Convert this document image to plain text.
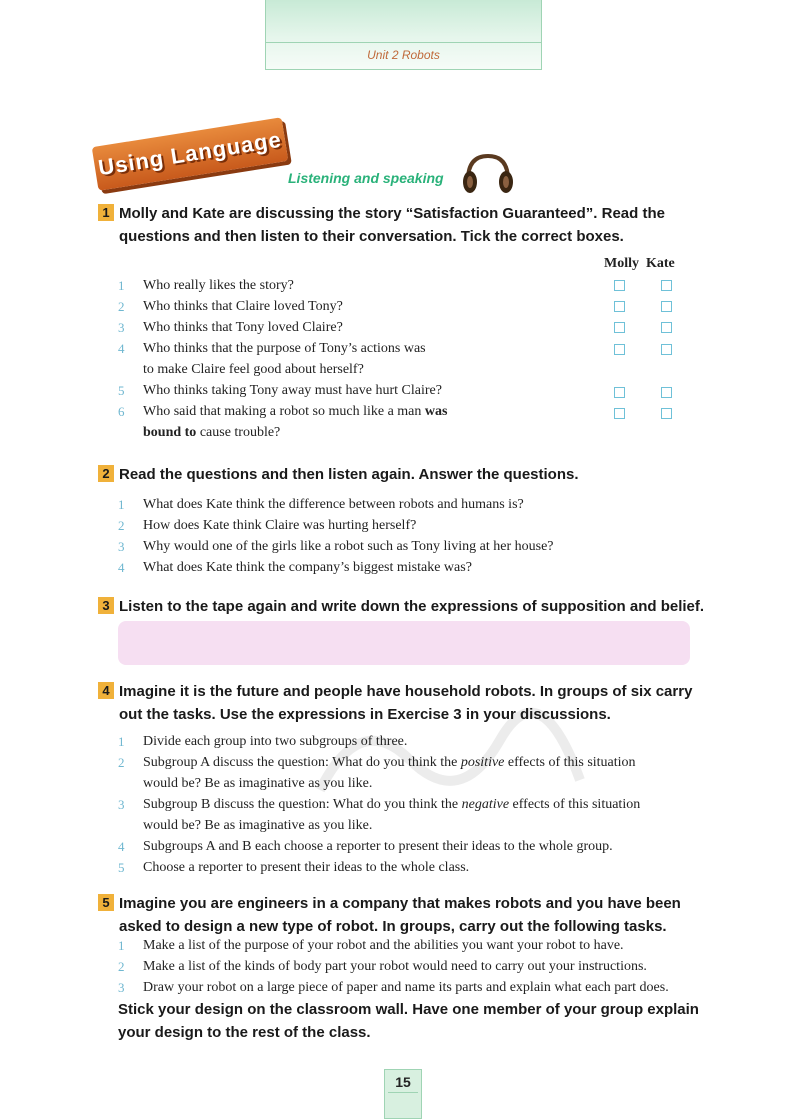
Unit 2 Robots
Using Language Listening and speaking
1 Molly and Kate are discussing the story “Satisfaction Guaranteed”. Read the
questions and then listen to their conversation. Tick the correct boxes.
Molly Kate
1 Who really likes the story?
2 Who thinks that Claire loved Tony?
3 Who thinks that Tony loved Claire?
4 Who thinks that the purpose of Tony’s actions was
to make Claire feel good about herself?
5 Who thinks taking Tony away must have hurt Claire?
6 Who said that making a robot so much like a man was
bound to cause trouble?
2 Read the questions and then listen again. Answer the questions.
1 What does Kate think the difference between robots and humans is?
2 How does Kate think Claire was hurting herself?
3 Why would one of the girls like a robot such as Tony living at her house?
4 What does Kate think the company’s biggest mistake was?
3 Listen to the tape again and write down the expressions of supposition and belief.
4 Imagine it is the future and people have household robots. In groups of six carry
out the tasks. Use the expressions in Exercise 3 in your discussions.
1 Divide each group into two subgroups of three.
2 Subgroup A discuss the question: What do you think the positive effects of this situation
would be? Be as imaginative as you like.
3 Subgroup B discuss the question: What do you think the negative effects of this situation
would be? Be as imaginative as you like.
4 Subgroups A and B each choose a reporter to present their ideas to the whole group.
5 Choose a reporter to present their ideas to the whole class.
5 Imagine you are engineers in a company that makes robots and you have been
asked to design a new type of robot. In groups, carry out the following tasks.
1 Make a list of the purpose of your robot and the abilities you want your robot to have.
2 Make a list of the kinds of body part your robot would need to carry out your instructions.
3 Draw your robot on a large piece of paper and name its parts and explain what each part does.
Stick your design on the classroom wall. Have one member of your group explain
your design to the rest of the class.
15
